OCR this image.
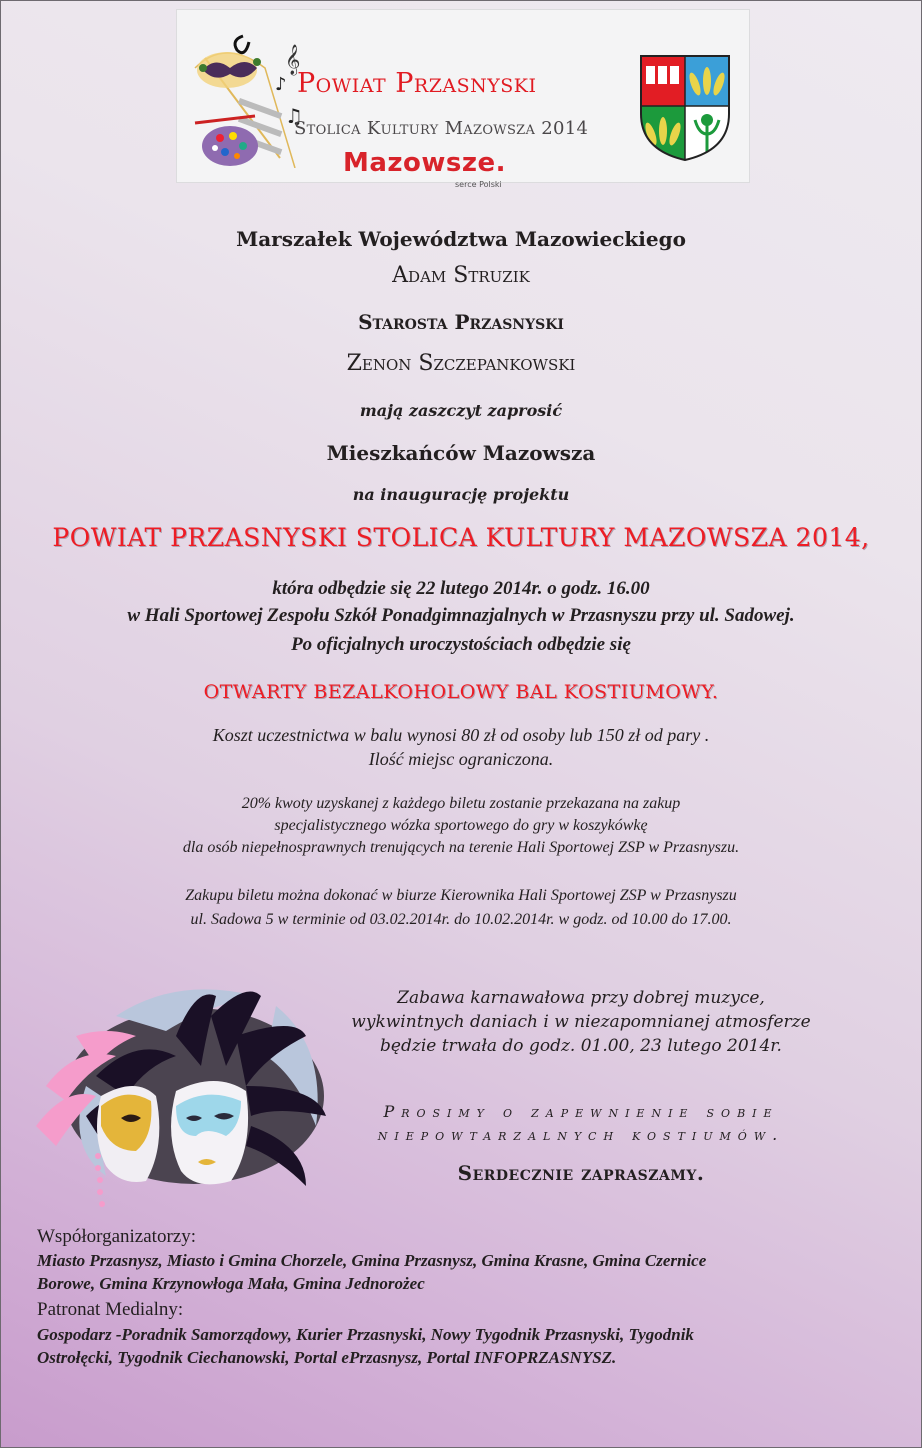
♪
𝄞
♫
Powiat Przasnyski
Stolica Kultury Mazowsza 2014
Mazowsze.
serce Polski
Marszałek Województwa Mazowieckiego
Adam Struzik
Starosta Przasnyski
Zenon Szczepankowski
mają zaszczyt zaprosić
Mieszkańców Mazowsza
na inaugurację projektu
POWIAT PRZASNYSKI STOLICA KULTURY MAZOWSZA 2014,
która odbędzie się 22 lutego 2014r. o godz. 16.00
w Hali Sportowej Zespołu Szkół Ponadgimnazjalnych w Przasnyszu przy ul. Sadowej.
Po oficjalnych uroczystościach odbędzie się
OTWARTY BEZALKOHOLOWY BAL KOSTIUMOWY.
Koszt uczestnictwa w balu wynosi 80 zł od osoby lub 150 zł od pary .
Ilość miejsc ograniczona.
20% kwoty uzyskanej z każdego biletu zostanie przekazana na zakup
specjalistycznego wózka sportowego do gry w koszykówkę
dla osób niepełnosprawnych trenujących na terenie Hali Sportowej ZSP w Przasnyszu.
Zakupu biletu można dokonać w biurze Kierownika Hali Sportowej ZSP w Przasnyszu
ul. Sadowa 5 w terminie od 03.02.2014r. do 10.02.2014r. w godz. od 10.00 do 17.00.
Zabawa karnawałowa przy dobrej muzyce,
wykwintnych daniach i w niezapomnianej atmosferze
będzie trwała do godz. 01.00, 23 lutego 2014r.
Prosimy o zapewnienie sobie
niepowtarzalnych kostiumów.
Serdecznie zapraszamy.
Współorganizatorzy:
Miasto Przasnysz, Miasto i Gmina Chorzele, Gmina Przasnysz, Gmina Krasne, Gmina Czernice
Borowe, Gmina Krzynowłoga Mała, Gmina Jednorożec
Patronat Medialny:
Gospodarz -Poradnik Samorządowy, Kurier Przasnyski, Nowy Tygodnik Przasnyski, Tygodnik
Ostrołęcki, Tygodnik Ciechanowski, Portal ePrzasnysz, Portal INFOPRZASNYSZ.
